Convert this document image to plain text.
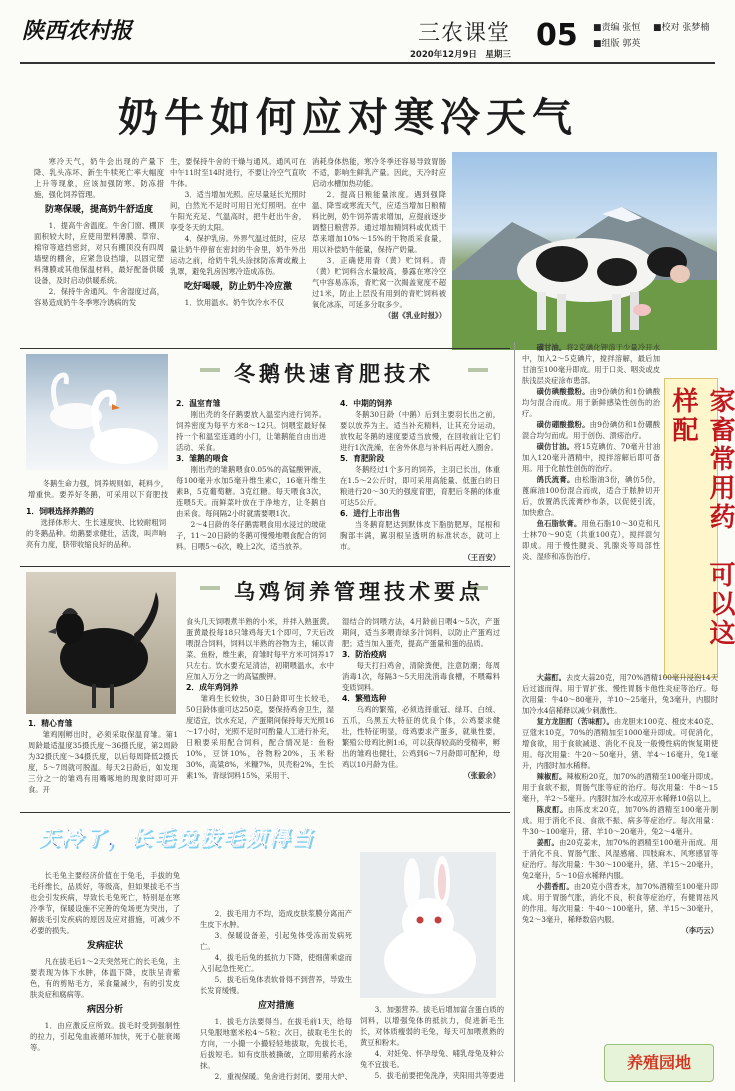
陕西农村报	三农课堂
2020年12月9日　星期三
05 ■责编 张恒 ■校对 张梦楠
■组版 郭英
奶牛如何应对寒冷天气

寒冷天气，奶牛会出现的产量下降、乳头冻坏、新生牛犊死亡率大幅度上升等现象，应该加强防寒、防冻措施，强化饲养管理。

防寒保暖，提高奶牛舒适度

1．提高牛舍温度。牛舍门窗、棚顶面积较大时，应使用塑料薄膜、草帘、棉帘等遮挡密封，对只有棚顶没有四周墙壁的棚舍，应紧急设挡墙，以固定塑料薄膜或其他保温材料，最好配备供暖设备，及时启动供暖系统。

2．保持牛舍通风。牛舍湿度过高，容易造成奶牛冬季寒冷诱病的发

生，要保持牛舍的干燥与通风。通风可在中午11时至14时进行，不要让冷空气直吹牛体。

3．适当增加光照。应尽量延长光照时间，白然光不足时可用日光灯照明。在中午阳光充足、气温高时，把牛赶出牛舍，享受冬天的太阳。

4．保护乳房。外界气温过低时，应尽量让奶牛停留在密封的牛舍里，奶牛外出运动之前，给奶牛乳头涂抹防冻膏或戴上乳罩，避免乳房因寒冷造成冻伤。

吃好喝暖，防止奶牛冷应激

1．饮用温水。奶牛饮冷水不仅

消耗身体热能，寒冷冬季还容易导致胃肠不适，影响生鲜乳产量。因此，天冷时应启动水槽加热功能。

2．提高日粮能量浓度。遇到强降温、降雪或寒流天气，应适当增加日粮精料比例，奶牛饲养需求增加，应提前逐步调整日粮营养。通过增加精饲料或优质干草来增加10%～15%的干物质采食量，用以补偿奶牛能量，保持产奶量。

3．正确使用青（黄）贮饲料。青（黄）贮饲料含水量较高，暴露在寒冷空气中容易冻冻，青贮窝一次揭盖宽度不超过1米，防止上层没有用到的青贮饲料被氧化冰冻，可延多分取多少。

（据《乳业时报》）
冬鹅生命力强，饲养规则如，耗料少，增重快。要养好冬鹅，可采用以下育肥技
冬鹅快速育肥技术
1．饲喂选择养鹅的

选择体形大、生长速度快、比较耐粗饲的冬鹅品种。幼鹅要求健壮，活泼，叫声响亮有力度，脐带收缩良好的品种。

2．温室育雏

刚出壳的冬仔鹅要放入温室内进行饲养。饲养密度为每平方米8～12只。饲喂室最好保持一个和温室连通的小门，让雏鹅能自由出进活动、采食。

3．雏鹅的喂食

刚出壳的雏鹅喂食0.05%的高锰酸钾液，每100毫升水加5毫升维生素C，16毫升维生素B，5克葡萄糖。3克红糖。每天喂食3次，连喂5天。而鲜菜叶放在于净地方，让冬鹅自由采食。每间隔2小时就需要喂1次。

2～4日龄的冬仔鹅需喂食用水浸过的玻砒子，11～20日龄的冬鹅可慢慢地喂食配合的饲料。日喂5～6次，晚上2次，适当放养。

4．中期的饲养

冬鹅30日龄（中鹅）后到主要羽长出之前，要以放养为主。适当补充精料，让其充分运动，放牧起冬鹅的速度要适当放慢，在回收前让它们进行1次洗澡，在舍外休息与补料后再赶入圈舍。

5．育肥阶段

冬鹅经过1个多月的饲养，主羽已长出，体重在1.5～2公斤时，即可采用高能量、低蛋白的日粮进行20～30天的强度育肥，育肥后冬鹅的体重可达5公斤。

6．进行上市出售

当冬鹅育肥达到默体皮下脂肪肥厚，尾根和胸部丰满，翼羽根呈透明的标准状态，就可上市。

（王百安）
乌鸡饲养管理技术要点
1．精心育雏

雏鸡刚孵出时，必须采取保温育雏。第1周龄最适温度35摄氏度～36摄氏度，第2周龄为32摄氏度～34摄氏度，以后每周降低2摄氏度，5～7周就可脱温。每天2日龄后，如发现三分之一的雏鸡有用嘴啄地的现象时即可开食。开

食头几天饲喂煮半熟的小米，并拌入熟蛋黄。蛋黄最投每18只雏鸡每天1个即可，7天后改喂混合饲料，饲料以半熟的谷物为主，辅以青菜、鱼粉，维生素，育雏时每平方米可饲养17只左右。饮水要充足清洁，初期喂温水，水中应加入万分之一的高锰酸钾。

2．成年鸡饲养

雏鸡生长较快，30日龄即可生长较毛，50日龄体重可达250克，要保持鸡舍卫生，湿度适宜，饮水充足，产蛋期间保持每天光照16～17小时，光照不足时可酌量人工进行补充，日粮要采用配合饲料，配合情况是：鱼粉10%，豆饼10%，谷物粉20%，玉米粉30%，高粱8%，米糠7%，贝壳粉2%，生长素1%，青绿饲料15%，采用干、

湿结合的饲喂方法，4月龄前日喂4～5次，产蛋期间，适当多喂青绿多汁饲料，以防止产蛋鸡过肥；适当加入蛋壳，提高产蛋量和蛋的品质。

3．防治疫病

每天打扫鸡舍，清除粪便，注意防潮；每周消毒1次，每隔3～5天用洗消毒食槽，不喂霉料变质饲料。

4．繁殖选种

乌鸡的繁殖，必须选择重冠、绿耳、白绒、五爪，乌黑五大特征的优良个体，公鸡要求健壮，性特征明显，母鸡要求产蛋多，就巢性要，繁殖公母鸡比例1:6，可以获得较高的受精率，孵出的雏鸡也健壮，公鸡到6～7月龄即可配种，母鸡以10月龄为佳。

（张毅余）
天冷了，长毛兔拔毛须得当

长毛兔主要经济价值在于兔毛，手拔的兔毛纤维长，品质好，等级高，但如果拔毛不当也会引发疾病，导致长毛兔死亡，特别是在寒冷季节，保暖设施不完善的兔场更为突出，了解拔毛引发疾病的原因及应对措施，可减少不必要的损失。

发病症状

凡在拔毛后1～2天突然死亡的长毛兔，主要表现为体下水肿，体温下降，皮肤呈青紫色，有的剪贴毛方，采食量减少，有的引发皮肤炎症和腐病等。

病因分析

1．由应激反应所致。拔毛时受到强制性的拉力，引起兔血液循环加快，死于心脏衰竭等。

2．拔毛用力不均，造成皮肤浆膜分离而产生皮下水肿。

3．保暖设备差，引起兔体受冻而发病死亡。

4．拔毛后兔的抵抗力下降，使细菌乘虚而入引起急性死亡。

5．拔毛后兔体表软骨得不到营养，导致生长发育缓慢。

应对措施

1．拔毛方法要得当。在拔毛前1天，给每只兔服地塞米松4～5粒；次日，拔取毛生长的方向，一小撮一小撮轻轻地拔取，先拔长毛，后拔短毛。如有皮肤被撕破，立即用紫药水涂抹。

2．重视保暖。兔舍进行封闭，要用大炉、

3．加强营养。拔毛后增加富含蛋白质的饲料，以增强兔体的抵抗力，促进新毛生长，对体质瘦弱的毛兔，每天可加喂煮熟的黄豆和粉末。

4．对妊兔、怀孕母兔、哺乳母兔及种公兔不宜拔毛。

5．拔毛前要把兔洗净，夹阳用共等要进

家畜常用药　可以这样配

磺甘油。将2克碘化钾溶于少量冷开水中，加入2～5克碘片，搅拌溶解，最后加甘油至100毫升即成。用于口炎、咽炎或皮肤浅层炎症涂布患部。

磺仿碘酸撒粉。由9份碘仿和1份碘酸均匀混合而成。用于新鲜感染性创伤的治疗。

磺仿硼酸撒粉。由9份碘仿和1份硼酸混合均匀而成。用于创伤、溃疡治疗。

磺仿甘油。将15克碘仿、70毫升甘油加入120毫升酒精中，搅拌溶解后即可备用。用于化脓性创伤的治疗。

鸽氏流膏。由松脂油3份，碘仿5份，蓖麻油100份混合而成，适合于脓肿切开后，放置鸽氏流膏纱布条，以促使引流，加快愈合。

鱼石脂软膏。用鱼石脂10～30克和凡士林70～90克（共重100克），搅拌混匀即成。用于慢性腱炎、乳腺炎等局部性炎、湿疹和冻伤治疗。

大蒜酊。去皮大蒜20克，用70%酒精100毫升浸泡14天后过滤而得。用于胃扩张、慢性胃肠卡他性炎症等治疗。每次用量：牛40～80毫升，羊10～25毫升，兔3毫升，内服时加冷水4倍稀释以减少刺激性。

复方龙胆酊（苦味酊）。由龙胆末100克、橙皮末40克、豆蔻末10克，70%的酒精加至1000毫升即成。可促消化，增食欲，用于食欲减退、消化不良及一般慢性病的恢复期使用。每次用量：牛20～50毫升，猪、羊4～16毫升，兔1毫升，内服时加水稀释。

辣椒酊。辣椒粉20克，加70%的酒精至100毫升即成。用于食欲不振，胃肠气胀等症的治疗。每次用量：牛8～15毫升，羊2～5毫升。内服时加冷水或凉开水稀释10倍以上。

陈皮酊。由陈皮末20克，加70%的酒精至100毫升制成。用于消化不良、食欲不振、病多等症治疗。每次用量：牛30～100毫升，猪、羊10～20毫升，兔2～4毫升。

姜酊。由20克姜末，加70%的酒精至100毫升而成。用于消化不良、胃肠气胀、风湿感痛、四肢麻木、风寒感冒等症治疗。每次用量：牛30～100毫升，猪、羊15～20毫升，兔2毫升，5～10倍水稀释内服。

小茴香酊。由20克小茴香末，加70%酒精至100毫升即成。用于胃肠气胀，消化不良，积食等症治疗，有健胃祛风的作用。每次用量：牛40～100毫升，猪、羊15～30毫升，兔2～3毫升，稀释数倍内服。

（李巧云）
养殖园地
